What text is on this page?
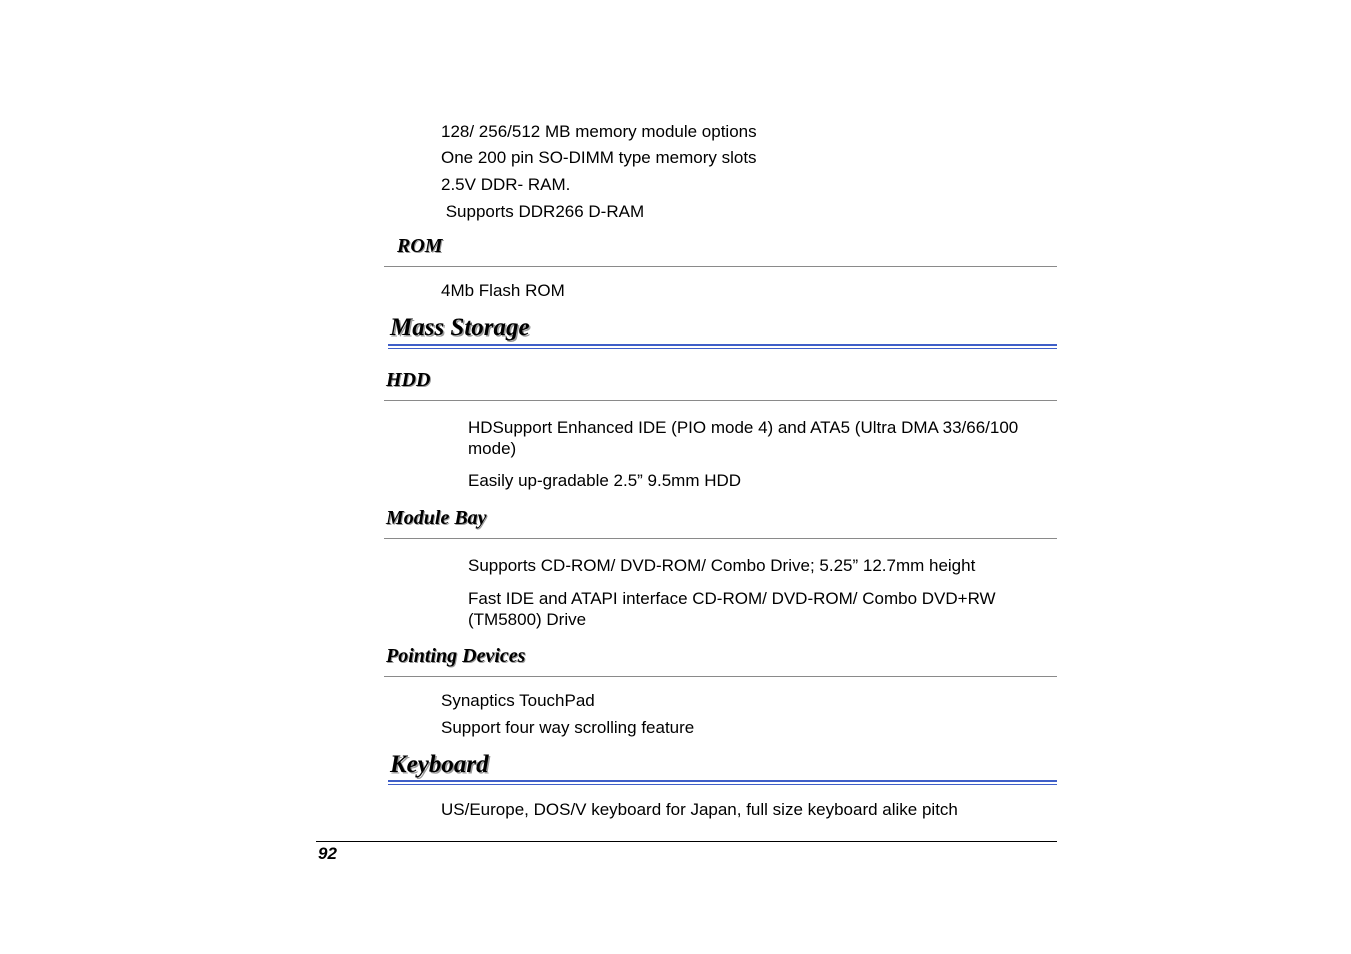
128/ 256/512 MB memory module options
One 200 pin SO-DIMM type memory slots
2.5V DDR- RAM.
Supports DDR266 D-RAM
ROM
4Mb Flash ROM
Mass Storage
HDD
HDSupport Enhanced IDE (PIO mode 4) and ATA5 (Ultra DMA 33/66/100 mode)
Easily up-gradable 2.5” 9.5mm HDD
Module Bay
Supports CD-ROM/ DVD-ROM/ Combo Drive; 5.25” 12.7mm height
Fast IDE and ATAPI interface CD-ROM/ DVD-ROM/ Combo DVD+RW (TM5800) Drive
Pointing Devices
Synaptics TouchPad
Support four way scrolling feature
Keyboard
US/Europe, DOS/V keyboard for Japan, full size keyboard alike pitch
92
